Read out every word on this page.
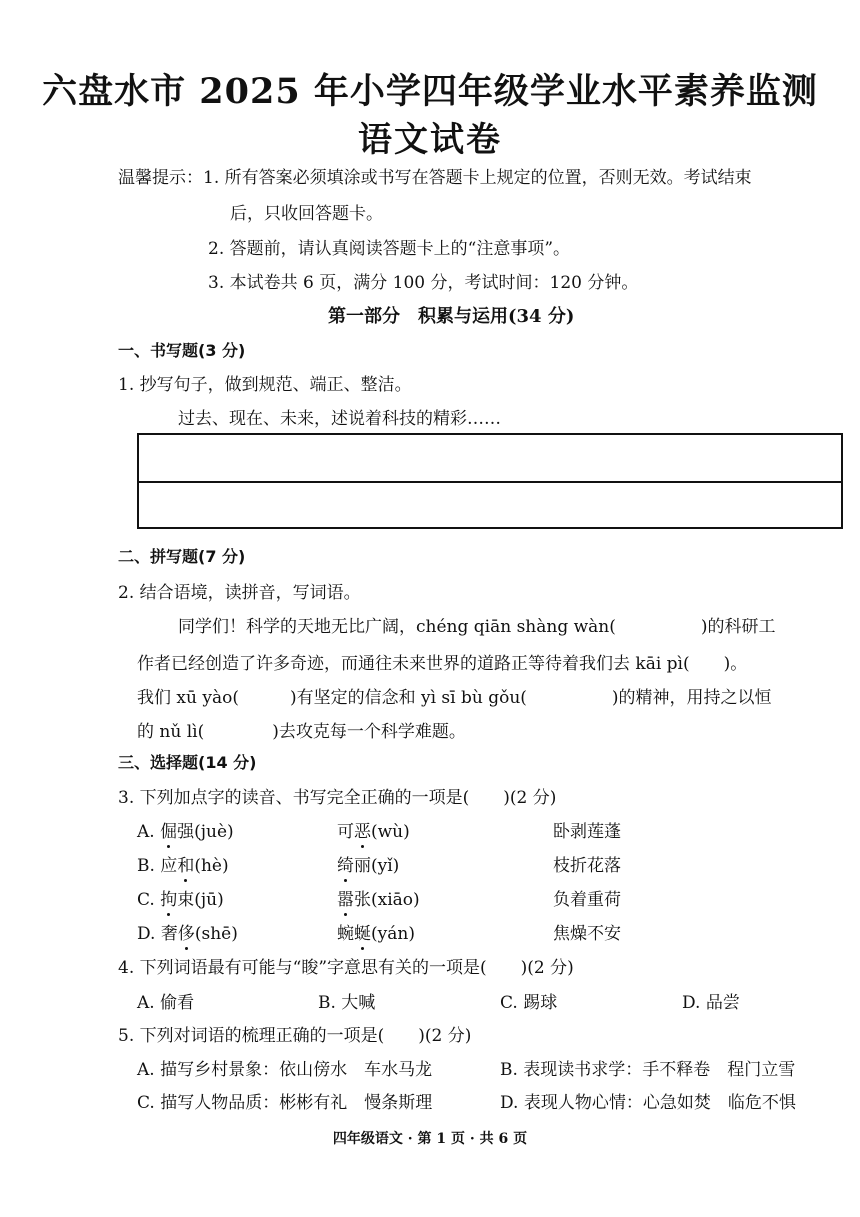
六盘水市 2025 年小学四年级学业水平素养监测
语文试卷
温馨提示：1. 所有答案必须填涂或书写在答题卡上规定的位置，否则无效。考试结束
后，只收回答题卡。
2. 答题前，请认真阅读答题卡上的“注意事项”。
3. 本试卷共 6 页，满分 100 分，考试时间：120 分钟。
第一部分　积累与运用(34 分)
一、书写题(3 分)
1. 抄写句子，做到规范、端正、整洁。
过去、现在、未来，述说着科技的精彩……
二、拼写题(7 分)
2. 结合语境，读拼音，写词语。
同学们！科学的天地无比广阔，chéng qiān shàng wàn(　　　　　)的科研工
作者已经创造了许多奇迹，而通往未来世界的道路正等待着我们去 kāi pì(　　)。
我们 xū yào(　　　)有坚定的信念和 yì sī bù gǒu(　　　　　)的精神，用持之以恒
的 nǔ lì(　　　　)去攻克每一个科学难题。
三、选择题(14 分)
3. 下列加点字的读音、书写完全正确的一项是(　　)(2 分)
A. 倔强(juè)	可恶(wù)	卧剥莲蓬
B. 应和(hè)	绮丽(yǐ)	枝折花落
C. 拘束(jū)	嚣张(xiāo)	负着重荷
D. 奢侈(shē)	蜿蜒(yán)	焦燥不安
4. 下列词语最有可能与“睃”字意思有关的一项是(　　)(2 分)
A. 偷看	B. 大喊	C. 踢球	D. 品尝
5. 下列对词语的梳理正确的一项是(　　)(2 分)
A. 描写乡村景象：依山傍水　车水马龙	B. 表现读书求学：手不释卷　程门立雪
C. 描写人物品质：彬彬有礼　慢条斯理	D. 表现人物心情：心急如焚　临危不惧
四年级语文 · 第 1 页 · 共 6 页
